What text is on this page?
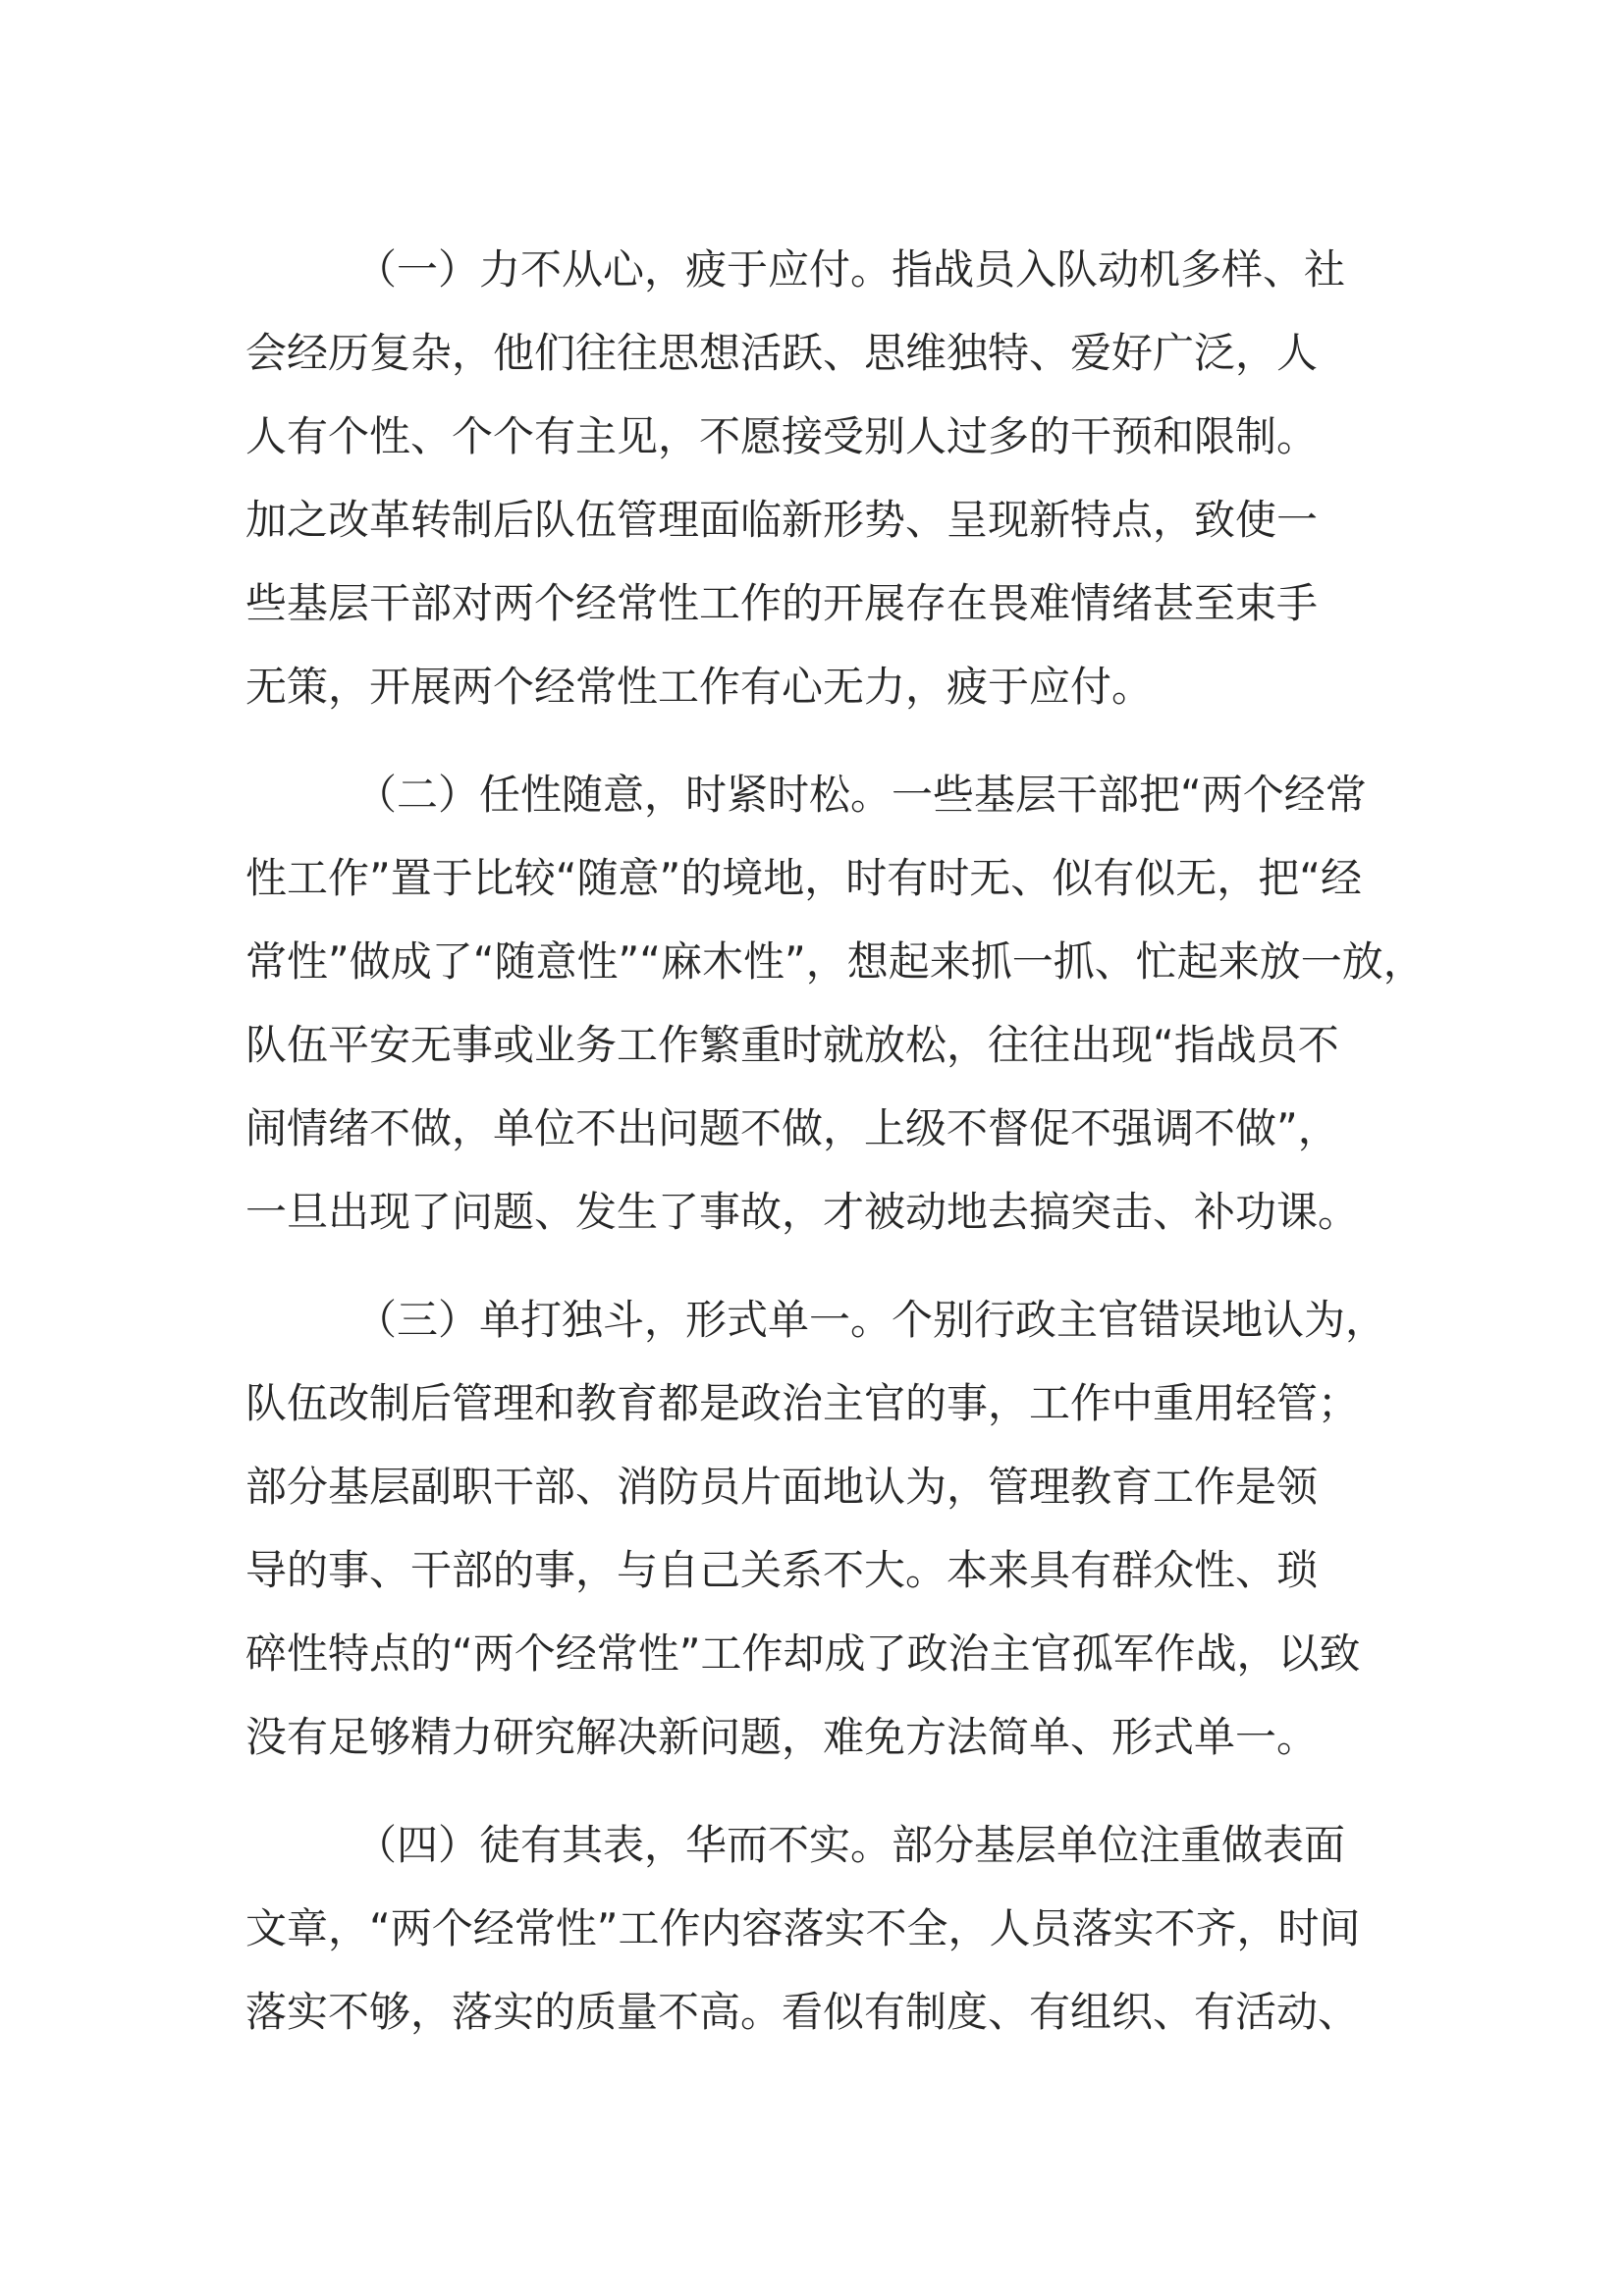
（一）力不从心，疲于应付。指战员入队动机多样、社
会经历复杂，他们往往思想活跃、思维独特、爱好广泛，人
人有个性、个个有主见，不愿接受别人过多的干预和限制。
加之改革转制后队伍管理面临新形势、呈现新特点，致使一
些基层干部对两个经常性工作的开展存在畏难情绪甚至束手
无策，开展两个经常性工作有心无力，疲于应付。

（二）任性随意，时紧时松。一些基层干部把“两个经常
性工作”置于比较“随意”的境地，时有时无、似有似无，把“经
常性”做成了“随意性”“麻木性”，想起来抓一抓、忙起来放一放，
队伍平安无事或业务工作繁重时就放松，往往出现“指战员不
闹情绪不做，单位不出问题不做，上级不督促不强调不做”，
一旦出现了问题、发生了事故，才被动地去搞突击、补功课。

（三）单打独斗，形式单一。个别行政主官错误地认为，
队伍改制后管理和教育都是政治主官的事，工作中重用轻管；
部分基层副职干部、消防员片面地认为，管理教育工作是领
导的事、干部的事，与自己关系不大。本来具有群众性、琐
碎性特点的“两个经常性”工作却成了政治主官孤军作战，以致
没有足够精力研究解决新问题，难免方法简单、形式单一。

（四）徒有其表，华而不实。部分基层单位注重做表面
文章，“两个经常性”工作内容落实不全，人员落实不齐，时间
落实不够，落实的质量不高。看似有制度、有组织、有活动、
